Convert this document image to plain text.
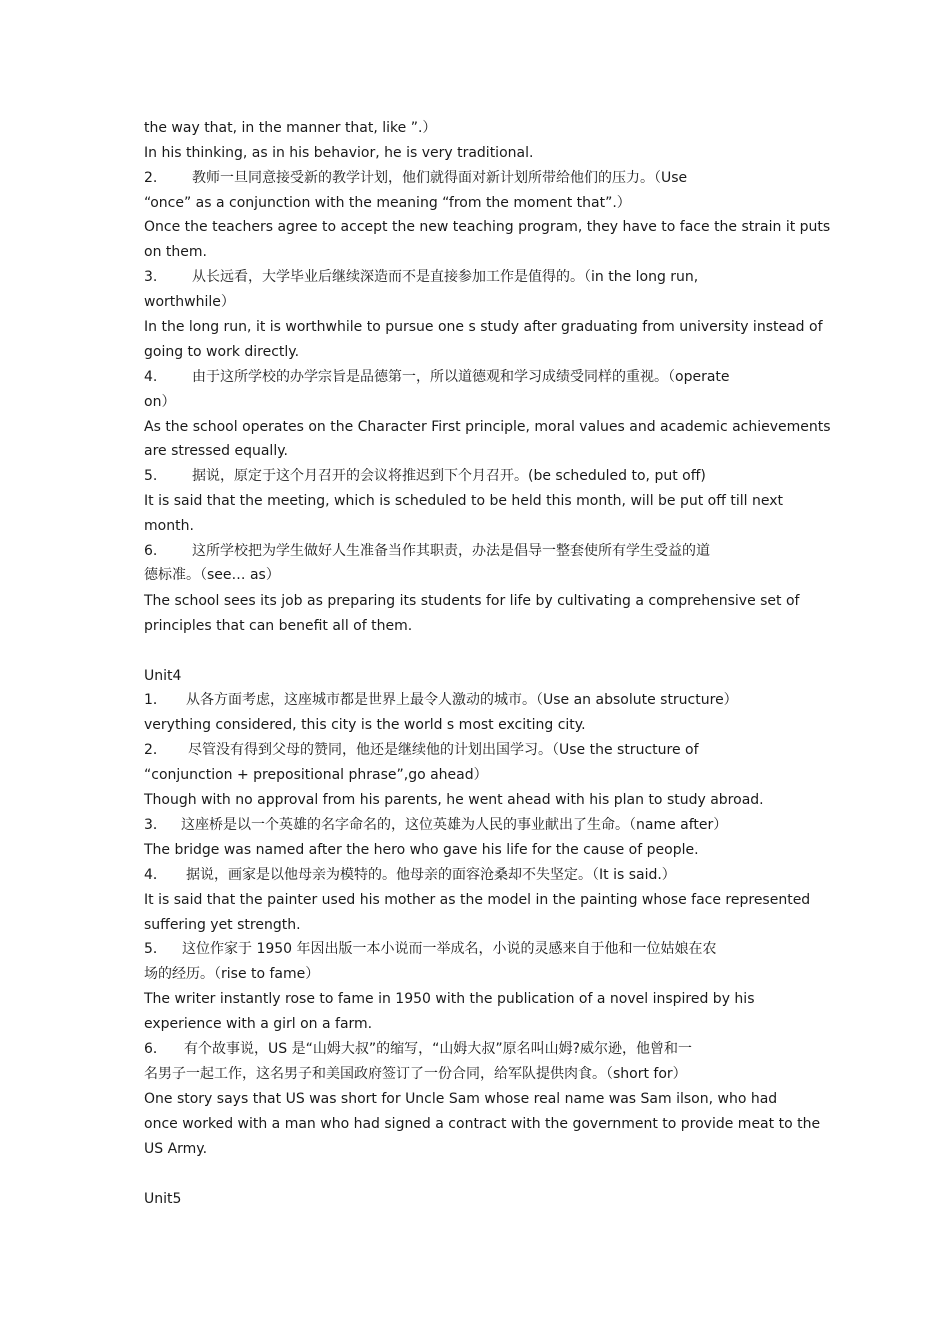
the way that, in the manner that, like ”.）
In his thinking, as in his behavior, he is very traditional.
2. 教师一旦同意接受新的教学计划，他们就得面对新计划所带给他们的压力。（Use
“once” as a conjunction with the meaning “from the moment that”.）
Once the teachers agree to accept the new teaching program, they have to face the strain it puts
on them.
3. 从长远看，大学毕业后继续深造而不是直接参加工作是值得的。（in the long run,
worthwhile）
In the long run, it is worthwhile to pursue one s study after graduating from university instead of
going to work directly.
4. 由于这所学校的办学宗旨是品德第一，所以道德观和学习成绩受同样的重视。（operate
on）
As the school operates on the Character First principle, moral values and academic achievements
are stressed equally.
5. 据说，原定于这个月召开的会议将推迟到下个月召开。(be scheduled to, put off)
It is said that the meeting, which is scheduled to be held this month, will be put off till next
month.
6. 这所学校把为学生做好人生准备当作其职责，办法是倡导一整套使所有学生受益的道
德标准。（see… as）
The school sees its job as preparing its students for life by cultivating a comprehensive set of
principles that can benefit all of them.
Unit4
1． 从各方面考虑，这座城市都是世界上最令人激动的城市。（Use an absolute structure）
verything considered, this city is the world s most exciting city.
2． 尽管没有得到父母的赞同，他还是继续他的计划出国学习。（Use the structure of
“conjunction + prepositional phrase”,go ahead）
Though with no approval from his parents, he went ahead with his plan to study abroad.
3． 这座桥是以一个英雄的名字命名的，这位英雄为人民的事业献出了生命。（name after）
The bridge was named after the hero who gave his life for the cause of people.
4． 据说，画家是以他母亲为模特的。他母亲的面容沧桑却不失坚定。（It is said.）
It is said that the painter used his mother as the model in the painting whose face represented
suffering yet strength.
5． 这位作家于 1950 年因出版一本小说而一举成名，小说的灵感来自于他和一位姑娘在农
场的经历。（rise to fame）
The writer instantly rose to fame in 1950 with the publication of a novel inspired by his
experience with a girl on a farm.
6． 有个故事说，US 是“山姆大叔”的缩写，“山姆大叔”原名叫山姆?威尔逊，他曾和一
名男子一起工作，这名男子和美国政府签订了一份合同，给军队提供肉食。（short for）
One story says that US was short for Uncle Sam whose real name was Sam ilson, who had
once worked with a man who had signed a contract with the government to provide meat to the
US Army.
Unit5
